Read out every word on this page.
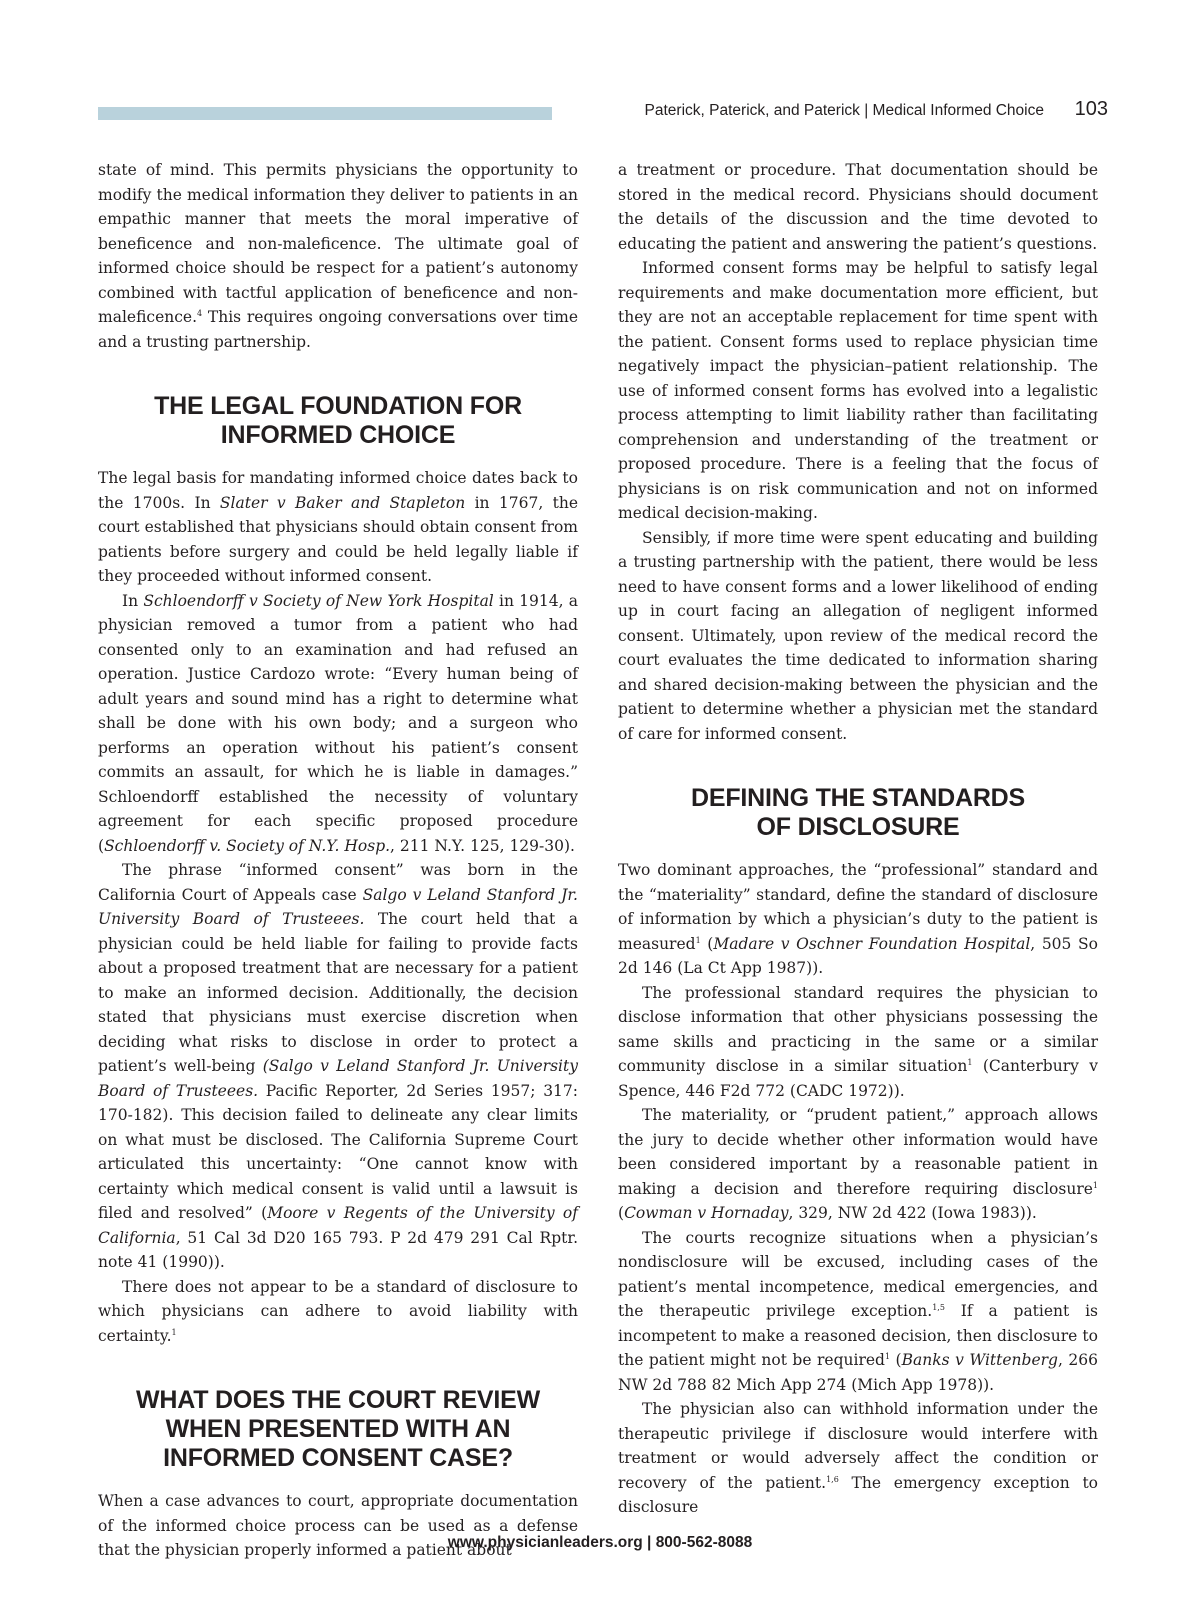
Paterick, Paterick, and Paterick | Medical Informed Choice 103

state of mind. This permits physicians the opportunity to modify the medical information they deliver to patients in an empathic manner that meets the moral imperative of beneficence and non-maleficence. The ultimate goal of informed choice should be respect for a patient’s autonomy combined with tactful application of beneficence and non-maleficence.$^4$ This requires ongoing conversations over time and a trusting partnership.

THE LEGAL FOUNDATION FOR
INFORMED CHOICE

The legal basis for mandating informed choice dates back to the 1700s. In Slater v Baker and Stapleton in 1767, the court established that physicians should obtain consent from patients before surgery and could be held legally liable if they proceeded without informed consent.

In Schloendorff v Society of New York Hospital in 1914, a physician removed a tumor from a patient who had consented only to an examination and had refused an operation. Justice Cardozo wrote: “Every human being of adult years and sound mind has a right to determine what shall be done with his own body; and a surgeon who performs an operation without his patient’s consent commits an assault, for which he is liable in damages.” Schloendorff established the necessity of voluntary agreement for each specific proposed procedure (Schloendorff v. Society of N.Y. Hosp., 211 N.Y. 125, 129-30).

The phrase “informed consent” was born in the California Court of Appeals case Salgo v Leland Stanford Jr. University Board of Trusteees. The court held that a physician could be held liable for failing to provide facts about a proposed treatment that are necessary for a patient to make an informed decision. Additionally, the decision stated that physicians must exercise discretion when deciding what risks to disclose in order to protect a patient’s well-being (Salgo v Leland Stanford Jr. University Board of Trusteees. Pacific Reporter, 2d Series 1957; 317: 170-182). This decision failed to delineate any clear limits on what must be disclosed. The California Supreme Court articulated this uncertainty: “One cannot know with certainty which medical consent is valid until a lawsuit is filed and resolved” (Moore v Regents of the University of California, 51 Cal 3d D20 165 793. P 2d 479 291 Cal Rptr. note 41 (1990)).

There does not appear to be a standard of disclosure to which physicians can adhere to avoid liability with certainty.$^1$

WHAT DOES THE COURT REVIEW
WHEN PRESENTED WITH AN
INFORMED CONSENT CASE?

When a case advances to court, appropriate documentation of the informed choice process can be used as a defense that the physician properly informed a patient about

a treatment or procedure. That documentation should be stored in the medical record. Physicians should document the details of the discussion and the time devoted to educating the patient and answering the patient’s questions.

Informed consent forms may be helpful to satisfy legal requirements and make documentation more efficient, but they are not an acceptable replacement for time spent with the patient. Consent forms used to replace physician time negatively impact the physician–patient relationship. The use of informed consent forms has evolved into a legalistic process attempting to limit liability rather than facilitating comprehension and understanding of the treatment or proposed procedure. There is a feeling that the focus of physicians is on risk communication and not on informed medical decision-making.

Sensibly, if more time were spent educating and building a trusting partnership with the patient, there would be less need to have consent forms and a lower likelihood of ending up in court facing an allegation of negligent informed consent. Ultimately, upon review of the medical record the court evaluates the time dedicated to information sharing and shared decision-making between the physician and the patient to determine whether a physician met the standard of care for informed consent.

DEFINING THE STANDARDS
OF DISCLOSURE

Two dominant approaches, the “professional” standard and the “materiality” standard, define the standard of disclosure of information by which a physician’s duty to the patient is measured$^1$ (Madare v Oschner Foundation Hospital, 505 So 2d 146 (La Ct App 1987)).

The professional standard requires the physician to disclose information that other physicians possessing the same skills and practicing in the same or a similar community disclose in a similar situation$^1$ (Canterbury v Spence, 446 F2d 772 (CADC 1972)).

The materiality, or “prudent patient,” approach allows the jury to decide whether other information would have been considered important by a reasonable patient in making a decision and therefore requiring disclosure$^1$ (Cowman v Hornaday, 329, NW 2d 422 (Iowa 1983)).

The courts recognize situations when a physician’s nondisclosure will be excused, including cases of the patient’s mental incompetence, medical emergencies, and the therapeutic privilege exception.$^{1,5}$ If a patient is incompetent to make a reasoned decision, then disclosure to the patient might not be required$^1$ (Banks v Wittenberg, 266 NW 2d 788 82 Mich App 274 (Mich App 1978)).

The physician also can withhold information under the therapeutic privilege if disclosure would interfere with treatment or would adversely affect the condition or recovery of the patient.$^{1,6}$ The emergency exception to disclosure

www.physicianleaders.org | 800-562-8088
